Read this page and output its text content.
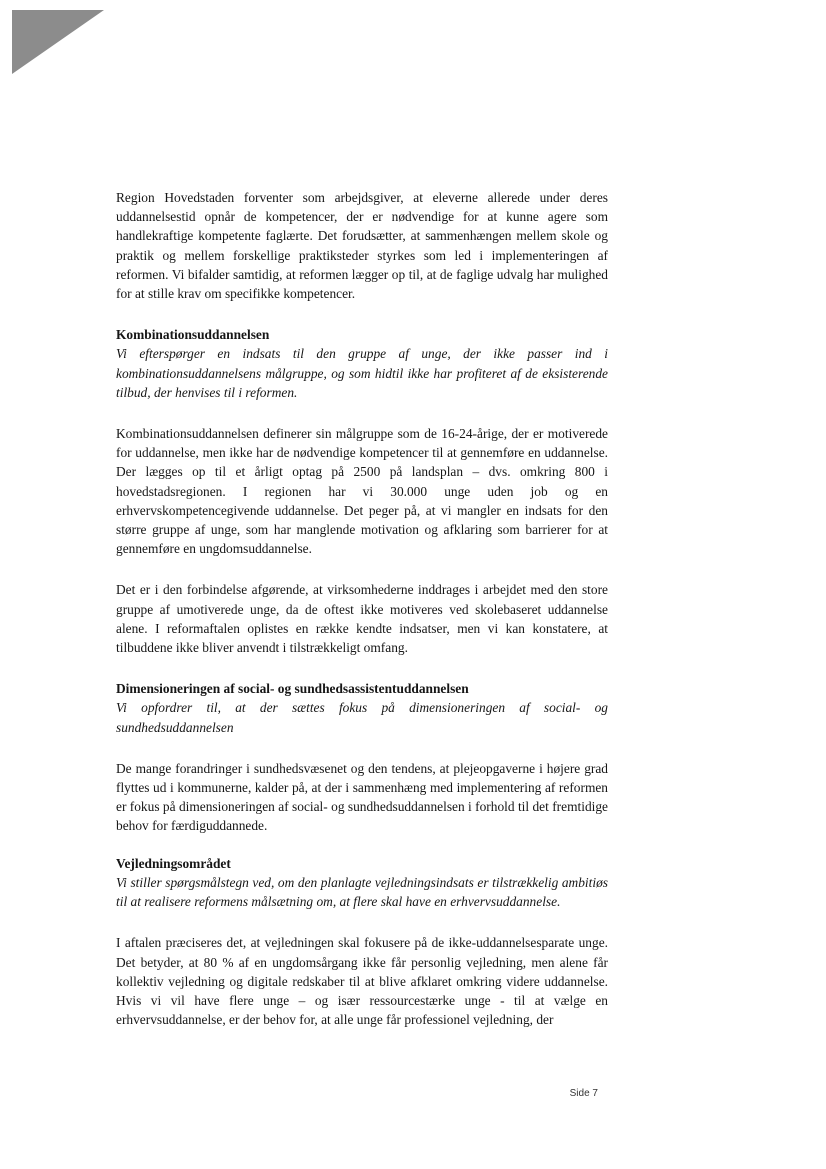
Region Hovedstaden forventer som arbejdsgiver, at eleverne allerede under deres uddannelsestid opnår de kompetencer, der er nødvendige for at kunne agere som handlekraftige kompetente faglærte. Det forudsætter, at sammenhængen mellem skole og praktik og mellem forskellige praktiksteder styrkes som led i implementeringen af reformen. Vi bifalder samtidig, at reformen lægger op til, at de faglige udvalg har mulighed for at stille krav om specifikke kompetencer.

Kombinationsuddannelsen

Vi efterspørger en indsats til den gruppe af unge, der ikke passer ind i kombinationsuddannelsens målgruppe, og som hidtil ikke har profiteret af de eksisterende tilbud, der henvises til i reformen.

Kombinationsuddannelsen definerer sin målgruppe som de 16-24-årige, der er motiverede for uddannelse, men ikke har de nødvendige kompetencer til at gennemføre en uddannelse. Der lægges op til et årligt optag på 2500 på landsplan – dvs. omkring 800 i hovedstadsregionen. I regionen har vi 30.000 unge uden job og en erhvervskompetencegivende uddannelse. Det peger på, at vi mangler en indsats for den større gruppe af unge, som har manglende motivation og afklaring som barrierer for at gennemføre en ungdomsuddannelse.

Det er i den forbindelse afgørende, at virksomhederne inddrages i arbejdet med den store gruppe af umotiverede unge, da de oftest ikke motiveres ved skolebaseret uddannelse alene. I reformaftalen oplistes en række kendte indsatser, men vi kan konstatere, at tilbuddene ikke bliver anvendt i tilstrækkeligt omfang.

Dimensioneringen af social- og sundhedsassistentuddannelsen

Vi opfordrer til, at der sættes fokus på dimensioneringen af social- og sundhedsuddannelsen

De mange forandringer i sundhedsvæsenet og den tendens, at plejeopgaverne i højere grad flyttes ud i kommunerne, kalder på, at der i sammenhæng med implementering af reformen er fokus på dimensioneringen af social- og sundhedsuddannelsen i forhold til det fremtidige behov for færdiguddannede.

Vejledningsområdet

Vi stiller spørgsmålstegn ved, om den planlagte vejledningsindsats er tilstrækkelig ambitiøs til at realisere reformens målsætning om, at flere skal have en erhvervsuddannelse.

I aftalen præciseres det, at vejledningen skal fokusere på de ikke-uddannelsesparate unge. Det betyder, at 80 % af en ungdomsårgang ikke får personlig vejledning, men alene får kollektiv vejledning og digitale redskaber til at blive afklaret omkring videre uddannelse. Hvis vi vil have flere unge – og især ressourcestærke unge - til at vælge en erhvervsuddannelse, er der behov for, at alle unge får professionel vejledning, der

Side 7
